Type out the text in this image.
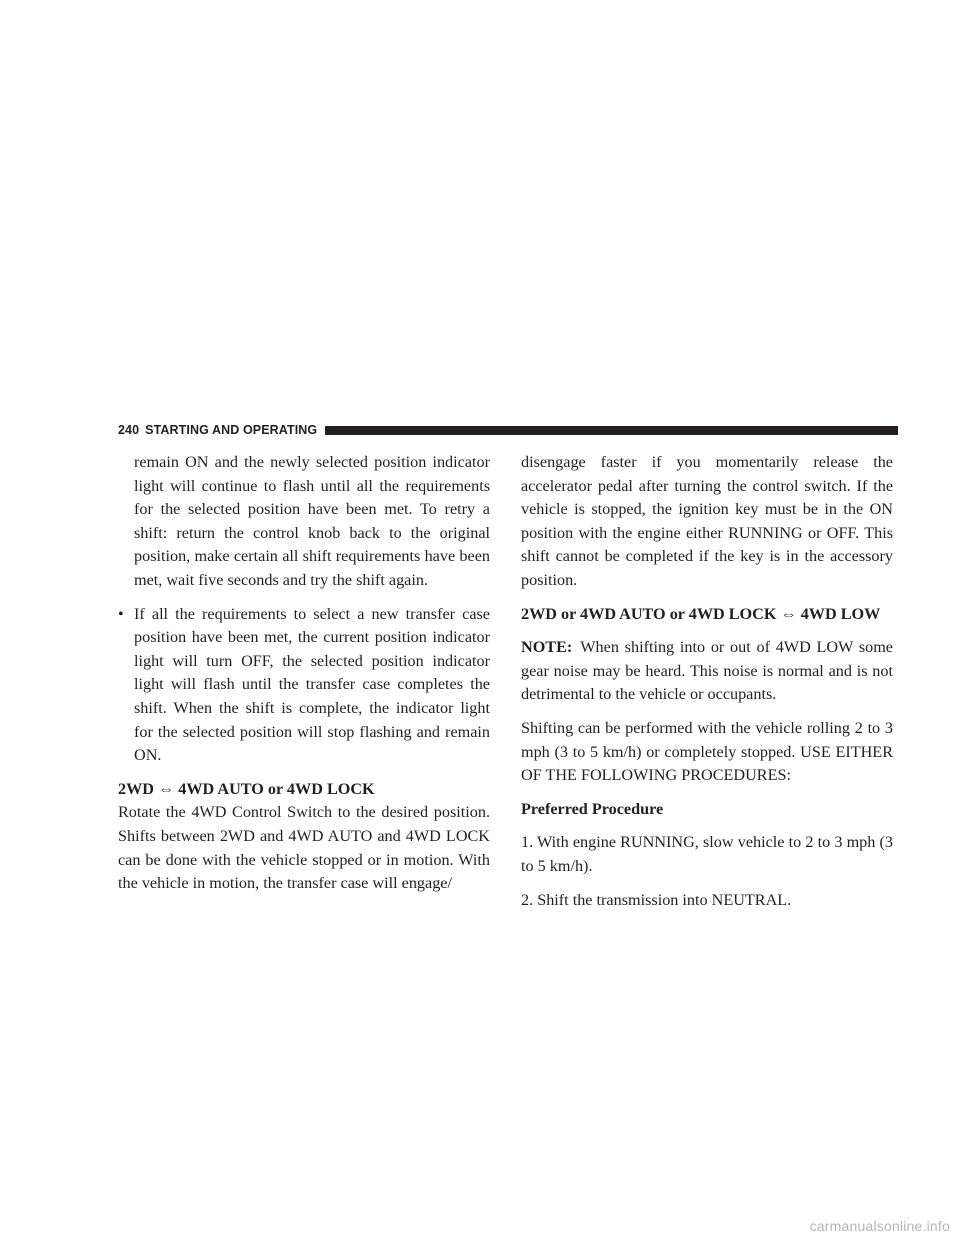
240 STARTING AND OPERATING

remain ON and the newly selected position indicator light will continue to flash until all the requirements for the selected position have been met. To retry a shift: return the control knob back to the original position, make certain all shift requirements have been met, wait five seconds and try the shift again.

• If all the requirements to select a new transfer case position have been met, the current position indicator light will turn OFF, the selected position indicator light will flash until the transfer case completes the shift. When the shift is complete, the indicator light for the selected position will stop flashing and remain ON.

2WD ⇔ 4WD AUTO or 4WD LOCK

Rotate the 4WD Control Switch to the desired position. Shifts between 2WD and 4WD AUTO and 4WD LOCK can be done with the vehicle stopped or in motion. With the vehicle in motion, the transfer case will engage/

disengage faster if you momentarily release the accelerator pedal after turning the control switch. If the vehicle is stopped, the ignition key must be in the ON position with the engine either RUNNING or OFF. This shift cannot be completed if the key is in the accessory position.

2WD or 4WD AUTO or 4WD LOCK ⇔ 4WD LOW

NOTE: When shifting into or out of 4WD LOW some gear noise may be heard. This noise is normal and is not detrimental to the vehicle or occupants.

Shifting can be performed with the vehicle rolling 2 to 3 mph (3 to 5 km/h) or completely stopped. USE EITHER OF THE FOLLOWING PROCEDURES:

Preferred Procedure

1. With engine RUNNING, slow vehicle to 2 to 3 mph (3 to 5 km/h).

2. Shift the transmission into NEUTRAL.

carmanualsonline.info
